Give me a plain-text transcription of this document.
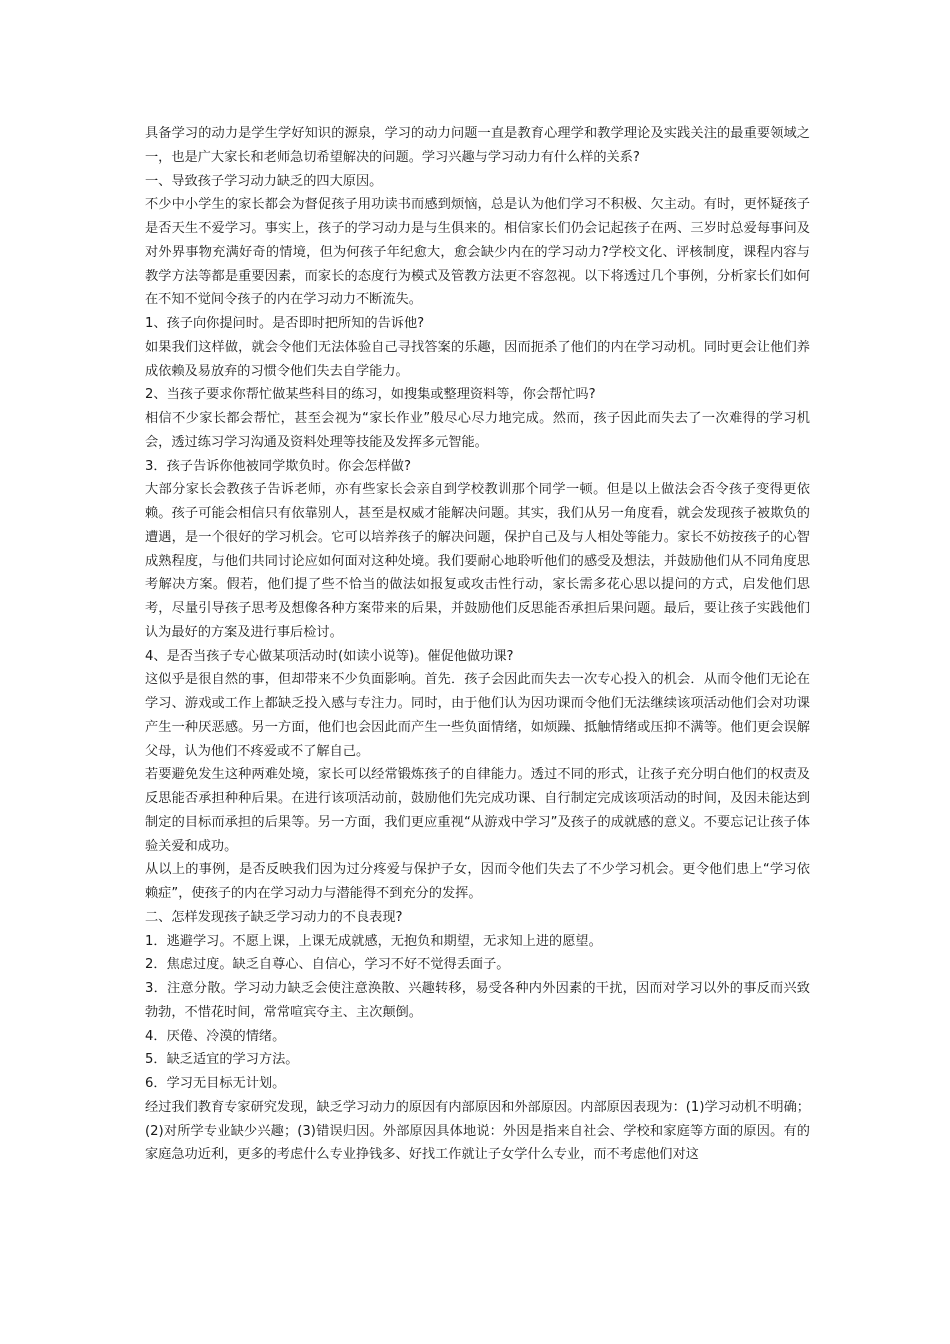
具备学习的动力是学生学好知识的源泉，学习的动力问题一直是教育心理学和教学理论及实践关注的最重要领域之一，也是广大家长和老师急切希望解决的问题。学习兴趣与学习动力有什么样的关系?

一、导致孩子学习动力缺乏的四大原因。

不少中小学生的家长都会为督促孩子用功读书而感到烦恼，总是认为他们学习不积极、欠主动。有时，更怀疑孩子是否天生不爱学习。事实上，孩子的学习动力是与生俱来的。相信家长们仍会记起孩子在两、三岁时总爱每事问及对外界事物充满好奇的情境，但为何孩子年纪愈大，愈会缺少内在的学习动力?学校文化、评核制度，课程内容与教学方法等都是重要因素，而家长的态度行为模式及管教方法更不容忽视。以下将透过几个事例，分析家长们如何在不知不觉间令孩子的内在学习动力不断流失。

1、孩子向你提问时。是否即时把所知的告诉他?

如果我们这样做，就会令他们无法体验自己寻找答案的乐趣，因而扼杀了他们的内在学习动机。同时更会让他们养成依赖及易放弃的习惯令他们失去自学能力。

2、当孩子要求你帮忙做某些科目的练习，如搜集或整理资料等，你会帮忙吗?

相信不少家长都会帮忙，甚至会视为“家长作业”般尽心尽力地完成。然而，孩子因此而失去了一次难得的学习机会，透过练习学习沟通及资料处理等技能及发挥多元智能。

3．孩子告诉你他被同学欺负时。你会怎样做?

大部分家长会教孩子告诉老师，亦有些家长会亲自到学校教训那个同学一顿。但是以上做法会否令孩子变得更依赖。孩子可能会相信只有依靠别人，甚至是权威才能解决问题。其实，我们从另一角度看，就会发现孩子被欺负的遭遇，是一个很好的学习机会。它可以培养孩子的解决问题，保护自己及与人相处等能力。家长不妨按孩子的心智成熟程度，与他们共同讨论应如何面对这种处境。我们要耐心地聆听他们的感受及想法，并鼓励他们从不同角度思考解决方案。假若，他们提了些不恰当的做法如报复或攻击性行动，家长需多花心思以提问的方式，启发他们思考，尽量引导孩子思考及想像各种方案带来的后果，并鼓励他们反思能否承担后果问题。最后，要让孩子实践他们认为最好的方案及进行事后检讨。

4、是否当孩子专心做某项活动时(如读小说等)。催促他做功课?

这似乎是很自然的事，但却带来不少负面影响。首先．孩子会因此而失去一次专心投入的机会．从而令他们无论在学习、游戏或工作上都缺乏投入感与专注力。同时，由于他们认为因功课而令他们无法继续该项活动他们会对功课产生一种厌恶感。另一方面，他们也会因此而产生一些负面情绪，如烦躁、抵触情绪或压抑不满等。他们更会误解父母，认为他们不疼爱或不了解自己。

若要避免发生这种两难处境，家长可以经常锻炼孩子的自律能力。透过不同的形式，让孩子充分明白他们的权责及反思能否承担种种后果。在进行该项活动前，鼓励他们先完成功课、自行制定完成该项活动的时间，及因未能达到制定的目标而承担的后果等。另一方面，我们更应重视“从游戏中学习”及孩子的成就感的意义。不要忘记让孩子体验关爱和成功。

从以上的事例，是否反映我们因为过分疼爱与保护子女，因而令他们失去了不少学习机会。更令他们患上“学习依赖症”，使孩子的内在学习动力与潜能得不到充分的发挥。

二、怎样发现孩子缺乏学习动力的不良表现?

1．逃避学习。不愿上课，上课无成就感，无抱负和期望，无求知上进的愿望。

2．焦虑过度。缺乏自尊心、自信心，学习不好不觉得丢面子。

3．注意分散。学习动力缺乏会使注意涣散、兴趣转移，易受各种内外因素的干扰，因而对学习以外的事反而兴致勃勃，不惜花时间，常常喧宾夺主、主次颠倒。

4．厌倦、冷漠的情绪。

5．缺乏适宜的学习方法。

6．学习无目标无计划。

经过我们教育专家研究发现，缺乏学习动力的原因有内部原因和外部原因。内部原因表现为：(1)学习动机不明确；(2)对所学专业缺少兴趣；(3)错误归因。外部原因具体地说：外因是指来自社会、学校和家庭等方面的原因。有的家庭急功近利，更多的考虑什么专业挣钱多、好找工作就让子女学什么专业，而不考虑他们对这
